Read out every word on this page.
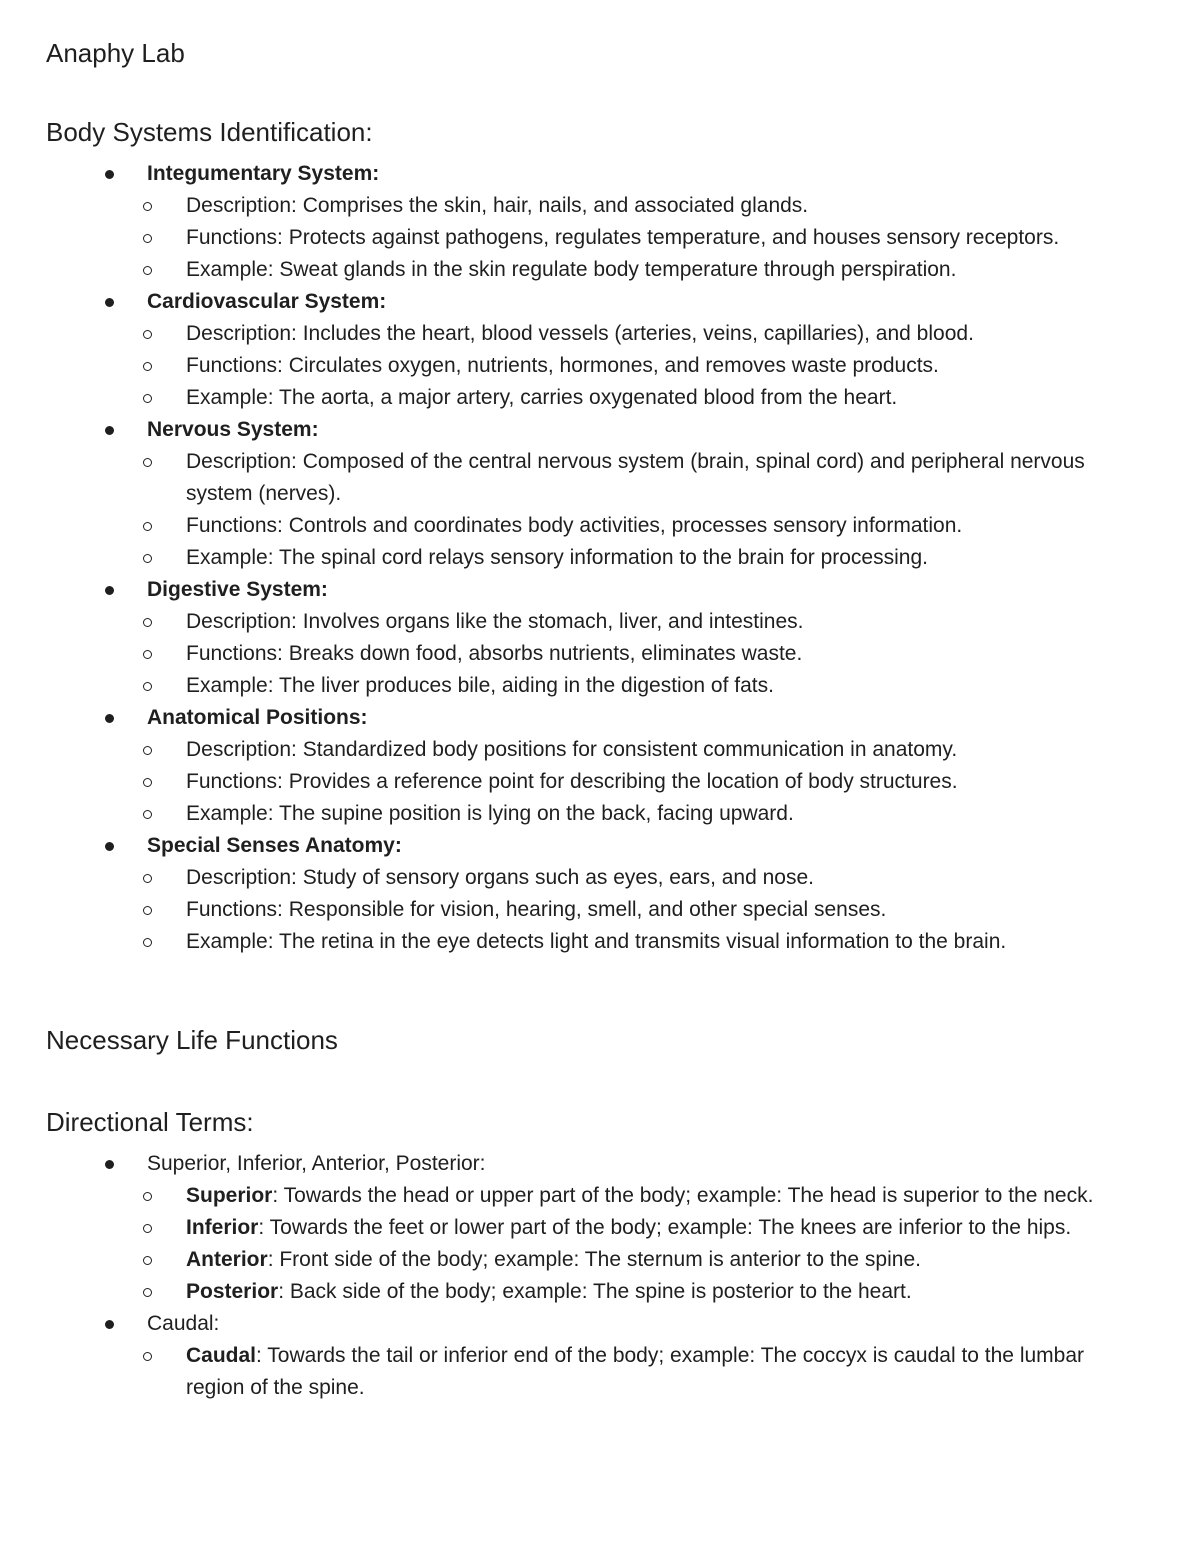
Anaphy Lab
Body Systems Identification:
Integumentary System:
Description: Comprises the skin, hair, nails, and associated glands.
Functions: Protects against pathogens, regulates temperature, and houses sensory receptors.
Example: Sweat glands in the skin regulate body temperature through perspiration.
Cardiovascular System:
Description: Includes the heart, blood vessels (arteries, veins, capillaries), and blood.
Functions: Circulates oxygen, nutrients, hormones, and removes waste products.
Example: The aorta, a major artery, carries oxygenated blood from the heart.
Nervous System:
Description: Composed of the central nervous system (brain, spinal cord) and peripheral nervous system (nerves).
Functions: Controls and coordinates body activities, processes sensory information.
Example: The spinal cord relays sensory information to the brain for processing.
Digestive System:
Description: Involves organs like the stomach, liver, and intestines.
Functions: Breaks down food, absorbs nutrients, eliminates waste.
Example: The liver produces bile, aiding in the digestion of fats.
Anatomical Positions:
Description: Standardized body positions for consistent communication in anatomy.
Functions: Provides a reference point for describing the location of body structures.
Example: The supine position is lying on the back, facing upward.
Special Senses Anatomy:
Description: Study of sensory organs such as eyes, ears, and nose.
Functions: Responsible for vision, hearing, smell, and other special senses.
Example: The retina in the eye detects light and transmits visual information to the brain.
Necessary Life Functions
Directional Terms:
Superior, Inferior, Anterior, Posterior:
Superior: Towards the head or upper part of the body; example: The head is superior to the neck.
Inferior: Towards the feet or lower part of the body; example: The knees are inferior to the hips.
Anterior: Front side of the body; example: The sternum is anterior to the spine.
Posterior: Back side of the body; example: The spine is posterior to the heart.
Caudal:
Caudal: Towards the tail or inferior end of the body; example: The coccyx is caudal to the lumbar region of the spine.
